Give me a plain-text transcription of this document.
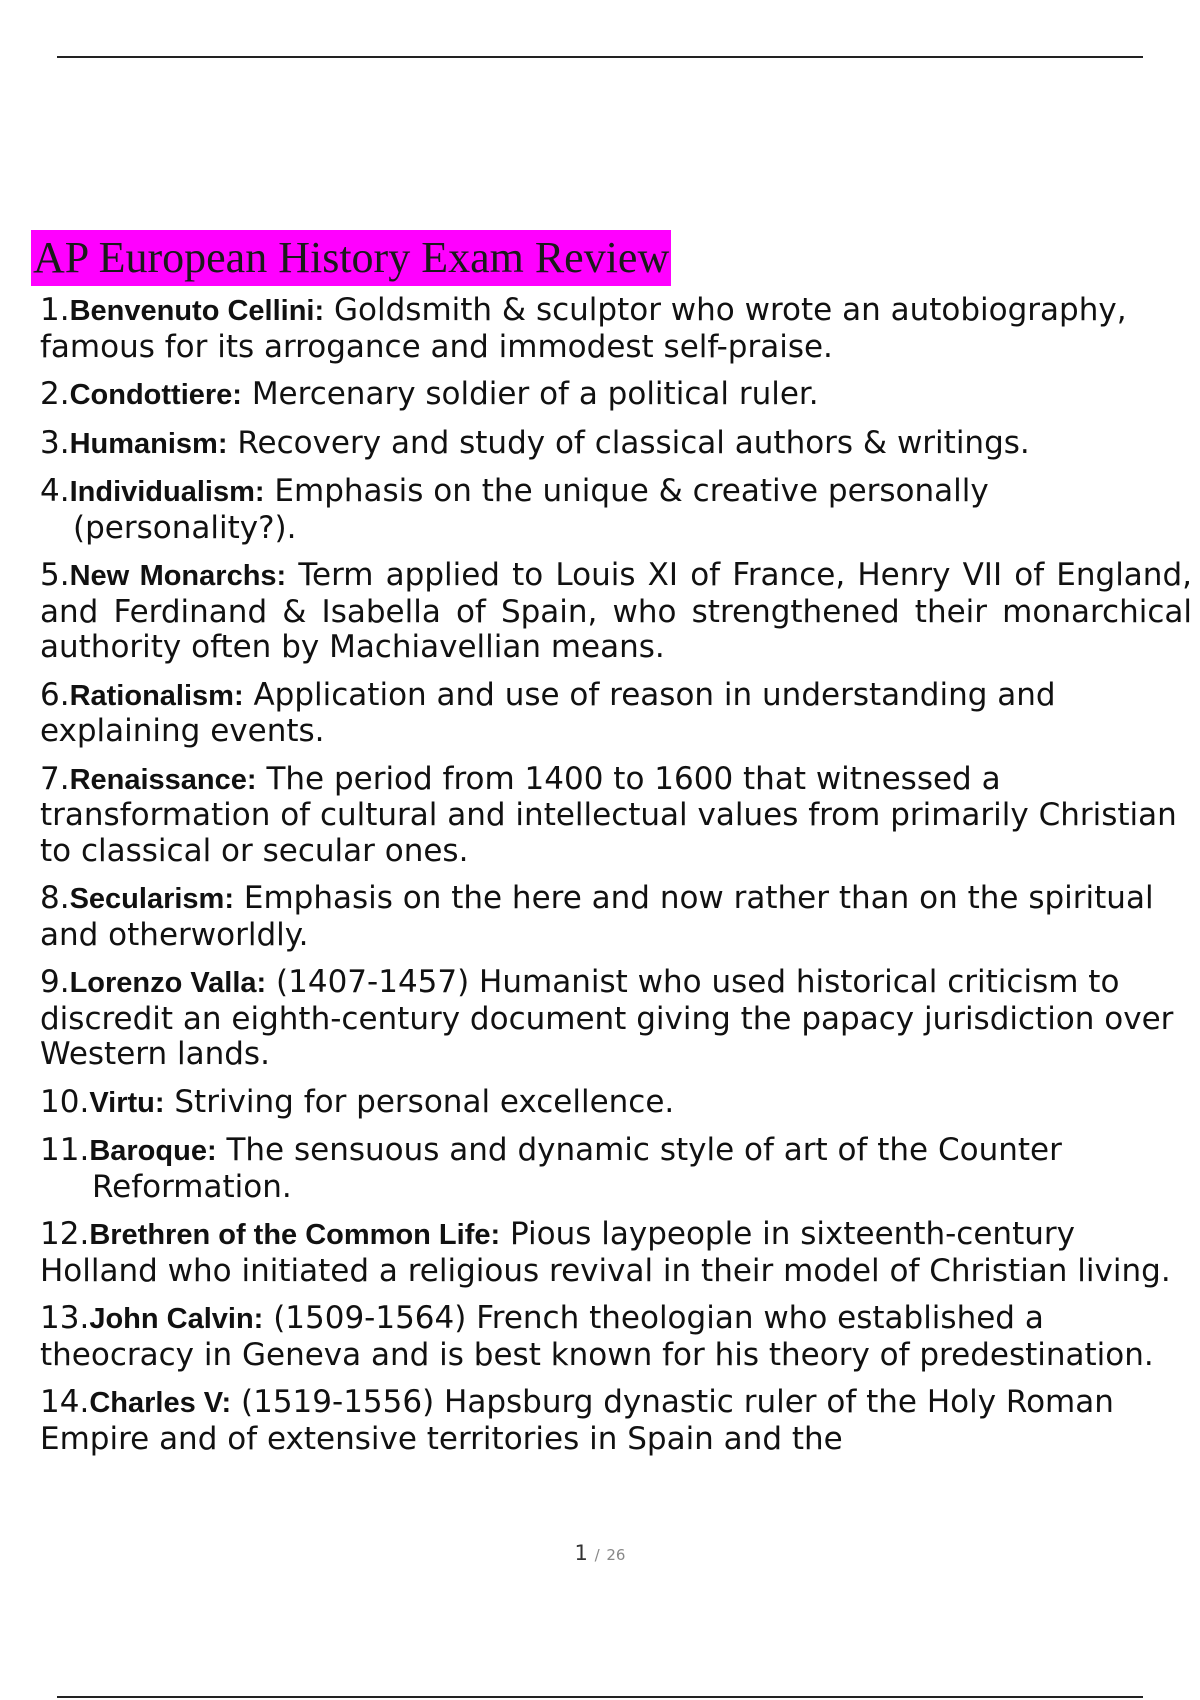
AP European History Exam Review
1.Benvenuto Cellini: Goldsmith & sculptor who wrote an autobiography, famous for its arrogance and immodest self-praise.
2.Condottiere: Mercenary soldier of a political ruler.
3.Humanism: Recovery and study of classical authors & writings.
4.Individualism: Emphasis on the unique & creative personally (personality?).
5.New Monarchs: Term applied to Louis XI of France, Henry VII of England, and Ferdinand & Isabella of Spain, who strengthened their monarchical authority often by Machiavellian means.
6.Rationalism: Application and use of reason in understanding and explaining events.
7.Renaissance: The period from 1400 to 1600 that witnessed a transformation of cultural and intellectual values from primarily Christian to classical or secular ones.
8.Secularism: Emphasis on the here and now rather than on the spiritual and otherworldly.
9.Lorenzo Valla: (1407-1457) Humanist who used historical criticism to discredit an eighth-century document giving the papacy jurisdiction over Western lands.
10.Virtu: Striving for personal excellence.
11.Baroque: The sensuous and dynamic style of art of the Counter Reformation.
12.Brethren of the Common Life: Pious laypeople in sixteenth-century Holland who initiated a religious revival in their model of Christian living.
13.John Calvin: (1509-1564) French theologian who established a theocracy in Geneva and is best known for his theory of predestination.
14.Charles V: (1519-1556) Hapsburg dynastic ruler of the Holy Roman Empire and of extensive territories in Spain and the
1 / 26
